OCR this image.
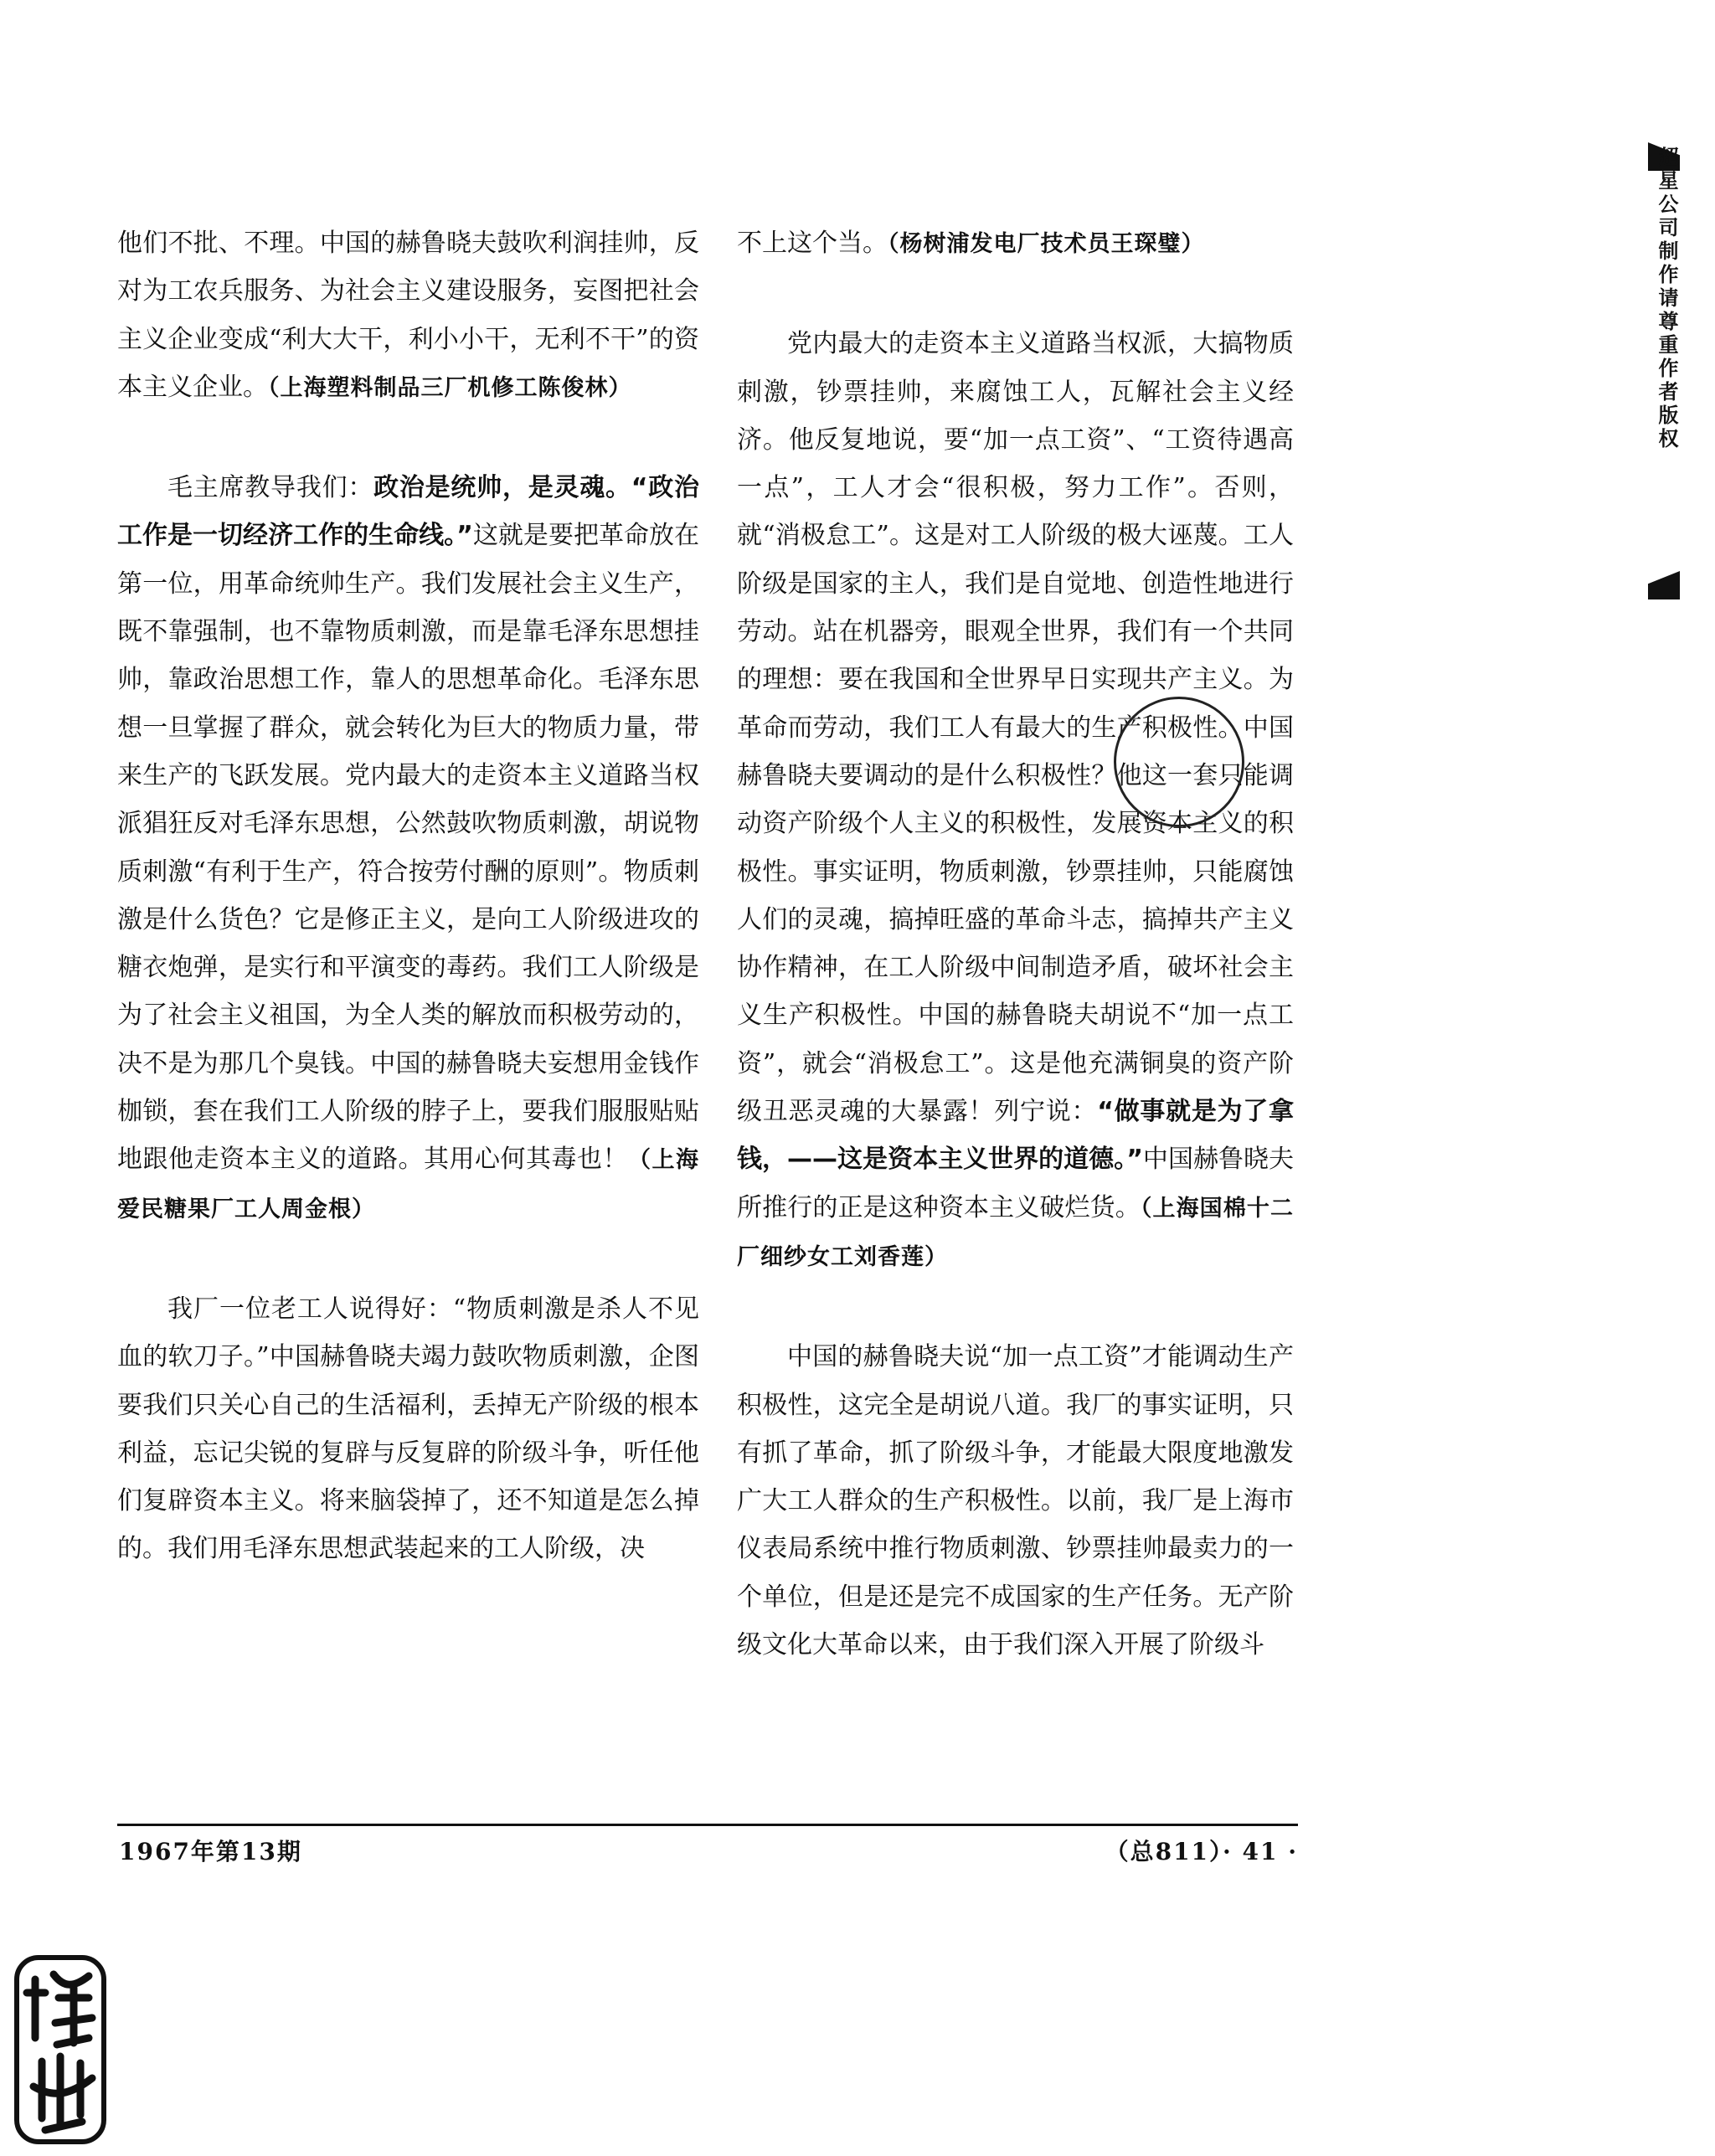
他们不批、不理。中国的赫鲁晓夫鼓吹利润挂帅，反对为工农兵服务、为社会主义建设服务，妄图把社会主义企业变成“利大大干，利小小干，无利不干”的资本主义企业。（上海塑料制品三厂机修工陈俊林）

毛主席教导我们：政治是统帅，是灵魂。“政治工作是一切经济工作的生命线。”这就是要把革命放在第一位，用革命统帅生产。我们发展社会主义生产，既不靠强制，也不靠物质刺激，而是靠毛泽东思想挂帅，靠政治思想工作，靠人的思想革命化。毛泽东思想一旦掌握了群众，就会转化为巨大的物质力量，带来生产的飞跃发展。党内最大的走资本主义道路当权派猖狂反对毛泽东思想，公然鼓吹物质刺激，胡说物质刺激“有利于生产，符合按劳付酬的原则”。物质刺激是什么货色？它是修正主义，是向工人阶级进攻的糖衣炮弹，是实行和平演变的毒药。我们工人阶级是为了社会主义祖国，为全人类的解放而积极劳动的，决不是为那几个臭钱。中国的赫鲁晓夫妄想用金钱作枷锁，套在我们工人阶级的脖子上，要我们服服贴贴地跟他走资本主义的道路。其用心何其毒也！（上海爱民糖果厂工人周金根）

我厂一位老工人说得好：“物质刺激是杀人不见血的软刀子。”中国赫鲁晓夫竭力鼓吹物质刺激，企图要我们只关心自己的生活福利，丢掉无产阶级的根本利益，忘记尖锐的复辟与反复辟的阶级斗争，听任他们复辟资本主义。将来脑袋掉了，还不知道是怎么掉的。我们用毛泽东思想武装起来的工人阶级，决

不上这个当。（杨树浦发电厂技术员王琛璧）

党内最大的走资本主义道路当权派，大搞物质刺激，钞票挂帅，来腐蚀工人，瓦解社会主义经济。他反复地说，要“加一点工资”、“工资待遇高一点”，工人才会“很积极，努力工作”。否则，就“消极怠工”。这是对工人阶级的极大诬蔑。工人阶级是国家的主人，我们是自觉地、创造性地进行劳动。站在机器旁，眼观全世界，我们有一个共同的理想：要在我国和全世界早日实现共产主义。为革命而劳动，我们工人有最大的生产积极性。中国赫鲁晓夫要调动的是什么积极性？他这一套只能调动资产阶级个人主义的积极性，发展资本主义的积极性。事实证明，物质刺激，钞票挂帅，只能腐蚀人们的灵魂，搞掉旺盛的革命斗志，搞掉共产主义协作精神，在工人阶级中间制造矛盾，破坏社会主义生产积极性。中国的赫鲁晓夫胡说不“加一点工资”，就会“消极怠工”。这是他充满铜臭的资产阶级丑恶灵魂的大暴露！列宁说：“做事就是为了拿钱，——这是资本主义世界的道德。”中国赫鲁晓夫所推行的正是这种资本主义破烂货。（上海国棉十二厂细纱女工刘香莲）

中国的赫鲁晓夫说“加一点工资”才能调动生产积极性，这完全是胡说八道。我厂的事实证明，只有抓了革命，抓了阶级斗争，才能最大限度地激发广大工人群众的生产积极性。以前，我厂是上海市仪表局系统中推行物质刺激、钞票挂帅最卖力的一个单位，但是还是完不成国家的生产任务。无产阶级文化大革命以来，由于我们深入开展了阶级斗

1967年第13期	（总811）· 41 ·
超星公司制作请尊重作者版权
